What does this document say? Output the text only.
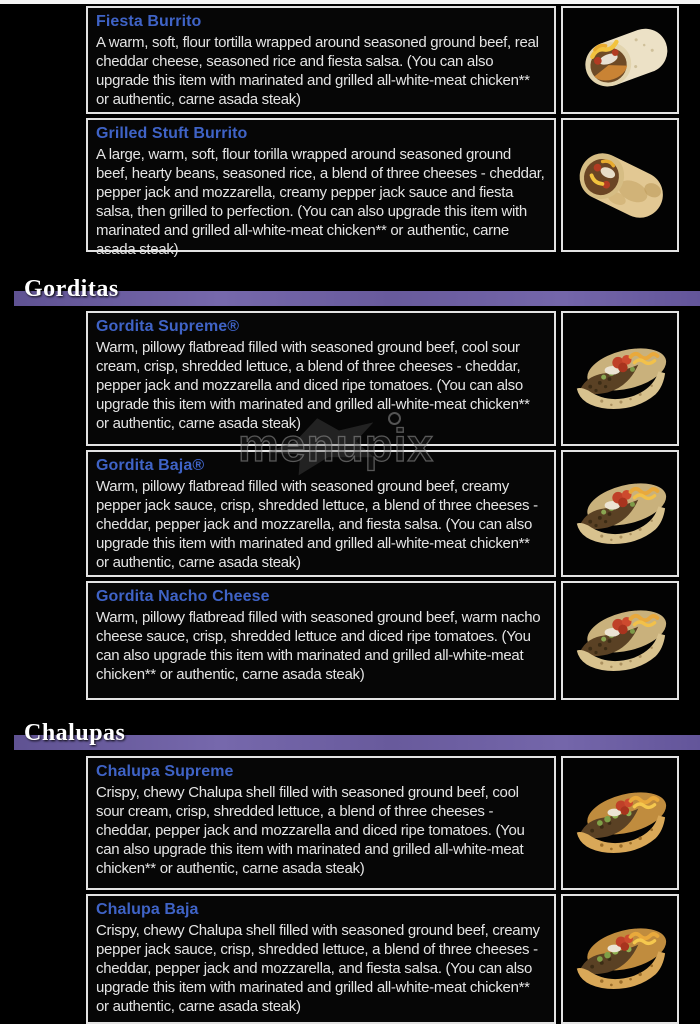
Fiesta Burrito
A warm, soft, flour tortilla wrapped around seasoned ground beef, real cheddar cheese, seasoned rice and fiesta salsa. (You can also upgrade this item with marinated and grilled all-white-meat chicken** or authentic, carne asada steak)
Grilled Stuft Burrito
A large, warm, soft, flour torilla wrapped around seasoned ground beef, hearty beans, seasoned rice, a blend of three cheeses - cheddar, pepper jack and mozzarella, creamy pepper jack sauce and fiesta salsa, then grilled to perfection. (You can also upgrade this item with marinated and grilled all-white-meat chicken** or authentic, carne asada steak)
Gorditas
Gordita Supreme®
Warm, pillowy flatbread filled with seasoned ground beef, cool sour cream, crisp, shredded lettuce, a blend of three cheeses - cheddar, pepper jack and mozzarella and diced ripe tomatoes. (You can also upgrade this item with marinated and grilled all-white-meat chicken** or authentic, carne asada steak)
Gordita Baja®
Warm, pillowy flatbread filled with seasoned ground beef, creamy pepper jack sauce, crisp, shredded lettuce, a blend of three cheeses - cheddar, pepper jack and mozzarella, and fiesta salsa. (You can also upgrade this item with marinated and grilled all-white-meat chicken** or authentic, carne asada steak)
Gordita Nacho Cheese
Warm, pillowy flatbread filled with seasoned ground beef, warm nacho cheese sauce, crisp, shredded lettuce and diced ripe tomatoes. (You can also upgrade this item with marinated and grilled all-white-meat chicken** or authentic, carne asada steak)
Chalupas
Chalupa Supreme
Crispy, chewy Chalupa shell filled with seasoned ground beef, cool sour cream, crisp, shredded lettuce, a blend of three cheeses - cheddar, pepper jack and mozzarella and diced ripe tomatoes. (You can also upgrade this item with marinated and grilled all-white-meat chicken** or authentic, carne asada steak)
Chalupa Baja
Crispy, chewy Chalupa shell filled with seasoned ground beef, creamy pepper jack sauce, crisp, shredded lettuce, a blend of three cheeses - cheddar, pepper jack and mozzarella, and fiesta salsa. (You can also upgrade this item with marinated and grilled all-white-meat chicken** or authentic, carne asada steak)
menupix
